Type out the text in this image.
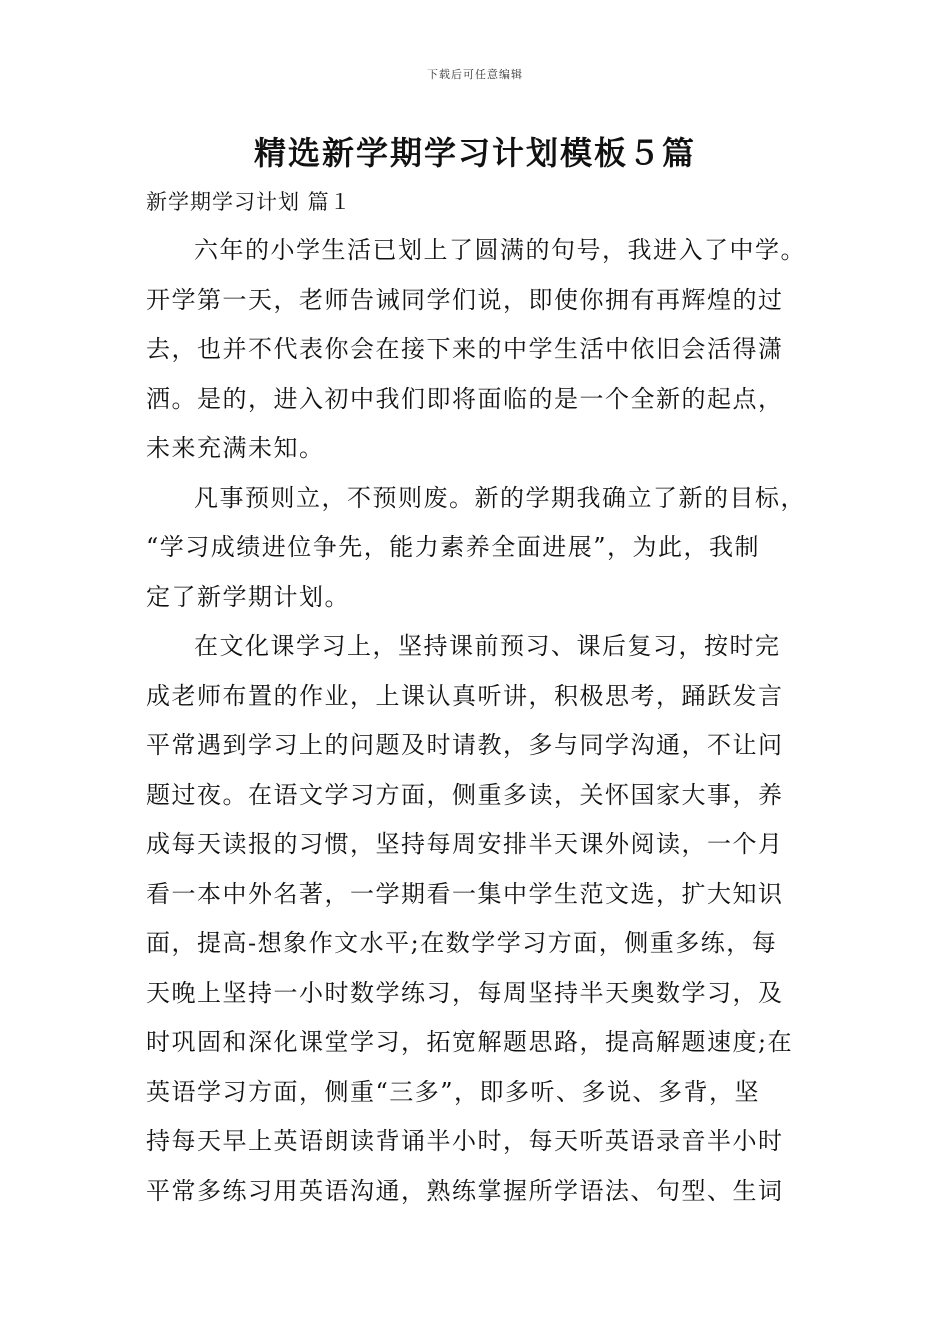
下载后可任意编辑
精选新学期学习计划模板５篇
新学期学习计划 篇１

六年的小学生活已划上了圆满的句号，我进入了中学。
开学第一天，老师告诫同学们说，即使你拥有再辉煌的过
去，也并不代表你会在接下来的中学生活中依旧会活得潇
洒。是的，进入初中我们即将面临的是一个全新的起点，
未来充满未知。

凡事预则立，不预则废。新的学期我确立了新的目标，
“学习成绩进位争先，能力素养全面进展”，为此，我制
定了新学期计划。

在文化课学习上，坚持课前预习、课后复习，按时完
成老师布置的作业，上课认真听讲，积极思考，踊跃发言
平常遇到学习上的问题及时请教，多与同学沟通，不让问
题过夜。在语文学习方面，侧重多读，关怀国家大事，养
成每天读报的习惯，坚持每周安排半天课外阅读，一个月
看一本中外名著，一学期看一集中学生范文选，扩大知识
面，提高-想象作文水平;在数学学习方面，侧重多练，每
天晚上坚持一小时数学练习，每周坚持半天奥数学习，及
时巩固和深化课堂学习，拓宽解题思路，提高解题速度;在
英语学习方面，侧重“三多”，即多听、多说、多背，坚
持每天早上英语朗读背诵半小时，每天听英语录音半小时
平常多练习用英语沟通，熟练掌握所学语法、句型、生词
